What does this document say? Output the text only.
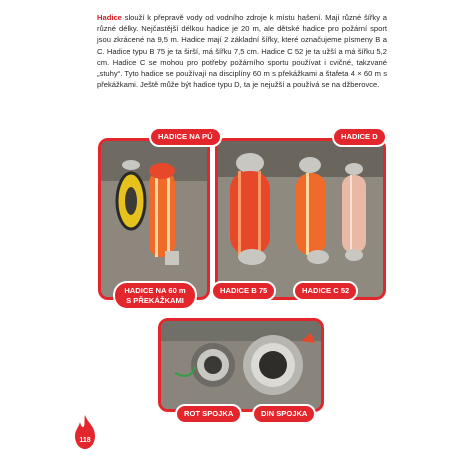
Hadice slouží k přepravě vody od vodního zdroje k místu hašení. Mají různé šířky a různé délky. Nejčastější délkou hadice je 20 m, ale dětské hadice pro požární sport jsou zkrácené na 9,5 m. Hadice mají 2 základní šířky, které označujeme písmeny B a C. Hadice typu B 75 je ta širší, má šířku 7,5 cm. Hadice C 52 je ta užší a má šířku 5,2 cm. Hadice C se mohou pro potřeby požárního sportu používat i cvičné, takzvané „stuhy“. Tyto hadice se používají na disciplíny 60 m s překážkami a štafeta 4 × 60 m s překážkami. Ještě může být hadice typu D, ta je nejužší a používá se na džberovce.

HADICE NA PÚ	HADICE D
HADICE NA 60 m S PŘEKÁŽKAMI
HADICE B 75	HADICE C 52
ROT SPOJKA	DIN SPOJKA
118
